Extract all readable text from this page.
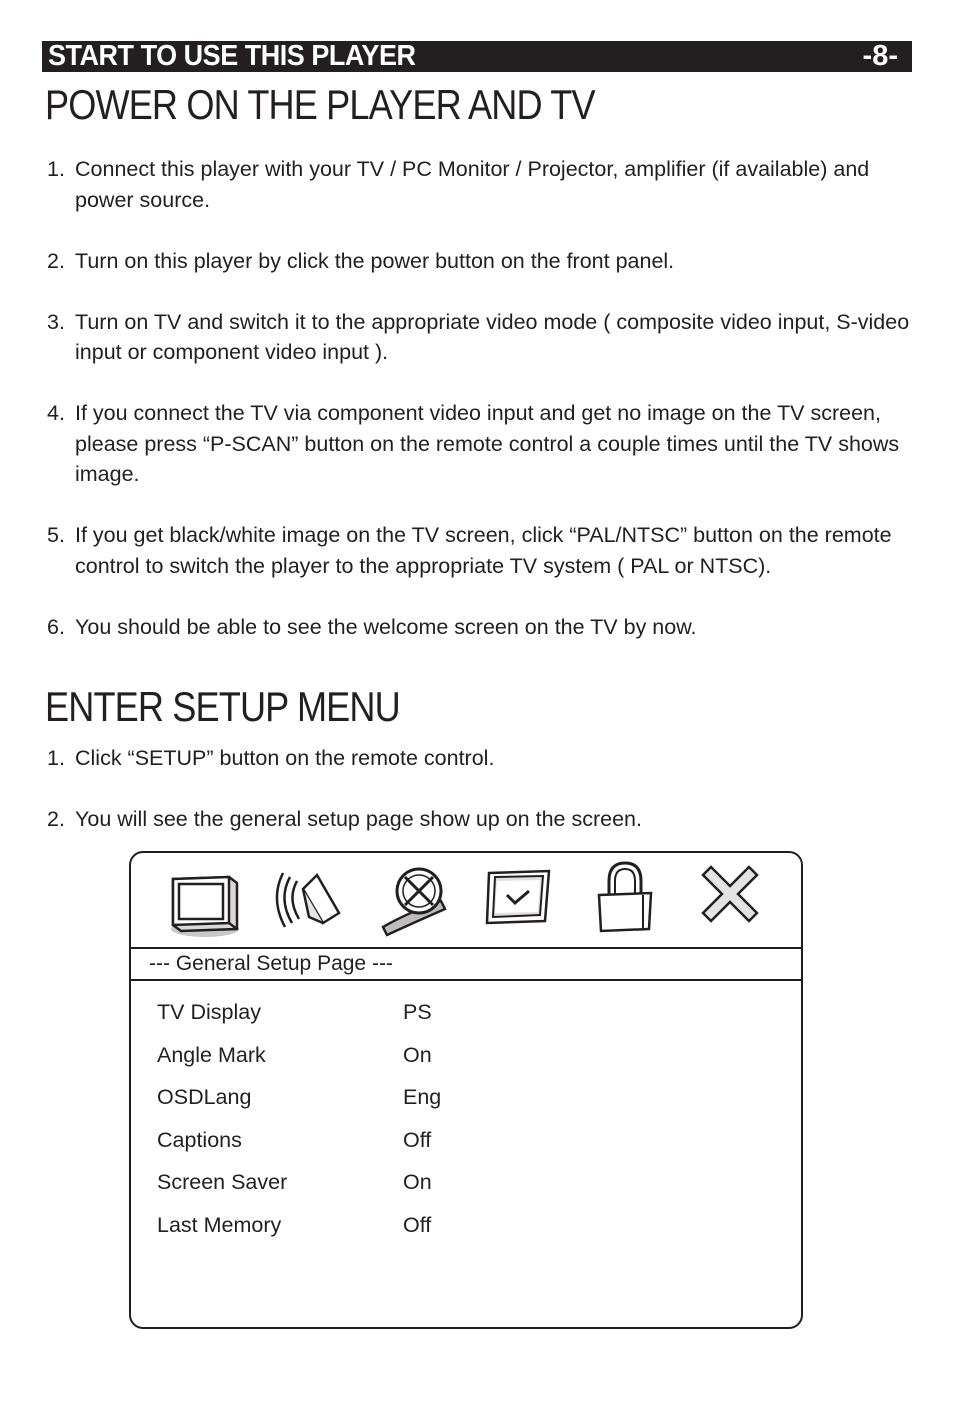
START TO USE THIS PLAYER	-8-
POWER ON THE PLAYER AND TV
1. Connect this player with your TV / PC Monitor / Projector, amplifier (if available) and power source.
2. Turn on this player by click the power button on the front panel.
3. Turn on TV and switch it to the appropriate video mode ( composite video input, S-video input or component video input ).
4. If you connect the TV via component video input and get no image on the TV screen, please press “P-SCAN” button on the remote control a couple times until the TV shows image.
5. If you get black/white image on the TV screen, click “PAL/NTSC” button on the remote control to switch the player to the appropriate TV system ( PAL or NTSC).
6. You should be able to see the welcome screen on the TV by now.
ENTER SETUP MENU
1. Click “SETUP” button on the remote control.
2. You will see the general setup page show up on the screen.
--- General Setup Page ---
TV Display	PS
Angle Mark	On
OSDLang	Eng
Captions	Off
Screen Saver	On
Last Memory	Off
